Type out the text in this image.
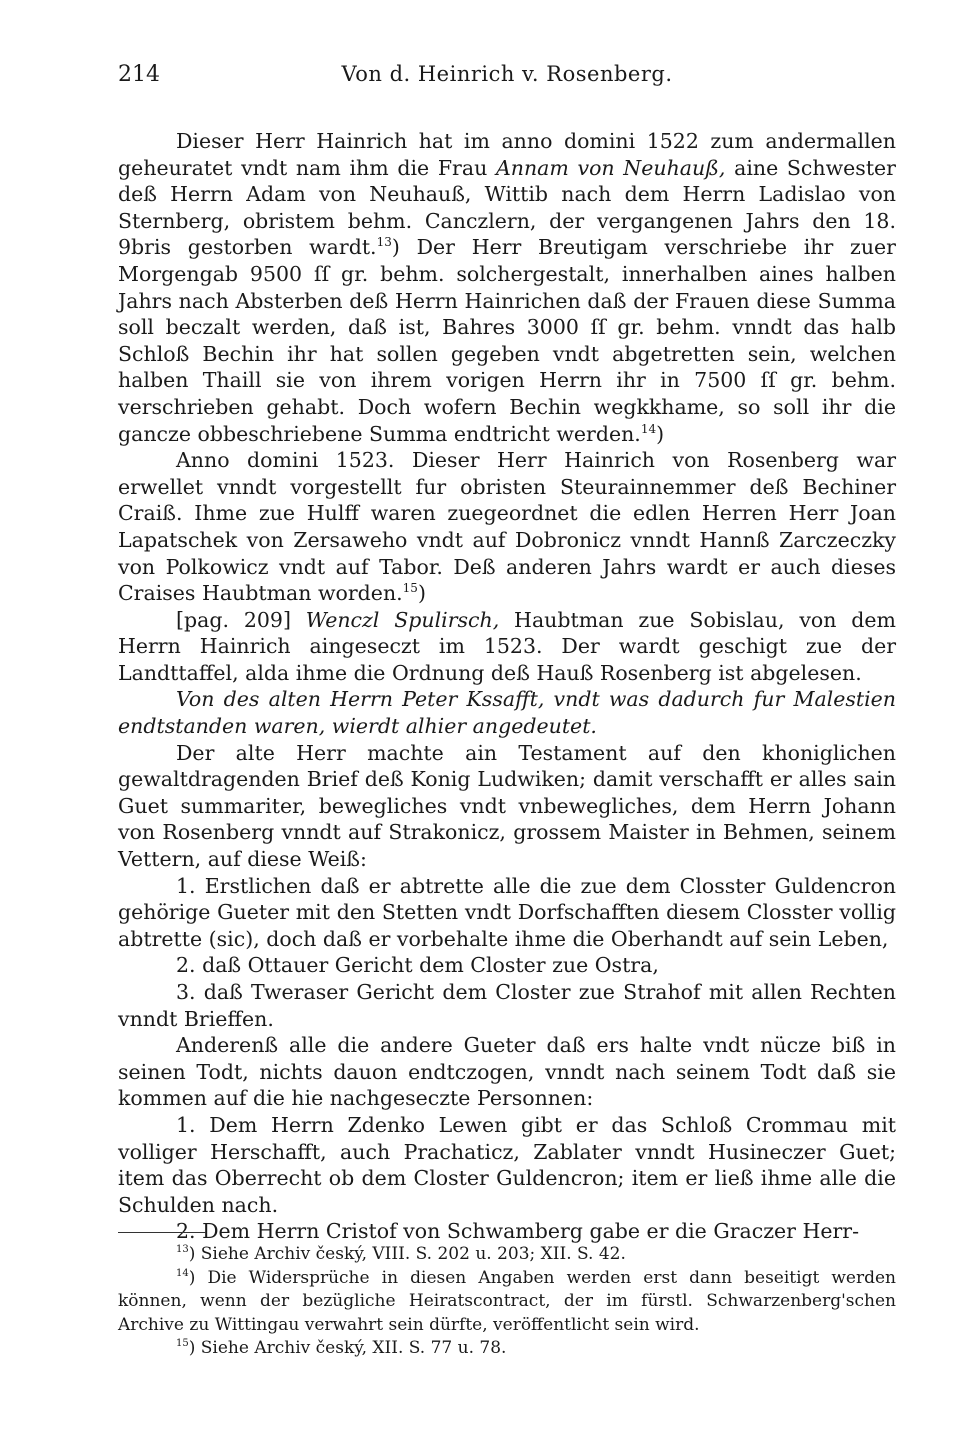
214	Von d. Heinrich v. Rosenberg.

Dieser Herr Hainrich hat im anno domini 1522 zum andermallen geheuratet vndt nam ihm die Frau Annam von Neuhauß, aine Schwester deß Herrn Adam von Neuhauß, Wittib nach dem Herrn Ladislao von Sternberg, obristem behm. Canczlern, der vergangenen Jahrs den 18. 9bris gestorben wardt.$^{13}$) Der Herr Breutigam verschriebe ihr zuer Morgengab 9500 ſſ gr. behm. solchergestalt, innerhalben aines halben Jahrs nach Absterben deß Herrn Hainrichen daß der Frauen diese Summa soll beczalt werden, daß ist, Bahres 3000 ſſ gr. behm. vnndt das halb Schloß Bechin ihr hat sollen gegeben vndt abgetretten sein, welchen halben Thaill sie von ihrem vorigen Herrn ihr in 7500 ſſ gr. behm. verschrieben gehabt. Doch wofern Bechin wegkkhame, so soll ihr die gancze obbeschriebene Summa endtricht werden.$^{14}$)

Anno domini 1523. Dieser Herr Hainrich von Rosenberg war erwellet vnndt vorgestellt fur obristen Steurainnemmer deß Bechiner Craiß. Ihme zue Hulff waren zuegeordnet die edlen Herren Herr Joan Lapatschek von Zersaweho vndt auf Dobronicz vnndt Hannß Zarczeczky von Polkowicz vndt auf Tabor. Deß anderen Jahrs wardt er auch dieses Craises Haubtman worden.$^{15}$)

[pag. 209] Wenczl Spulirsch, Haubtman zue Sobislau, von dem Herrn Hainrich aingeseczt im 1523. Der wardt geschigt zue der Landttaffel, alda ihme die Ordnung deß Hauß Rosenberg ist abgelesen.

Von des alten Herrn Peter Kssafft, vndt was dadurch fur Malestien endtstanden waren, wierdt alhier angedeutet.

Der alte Herr machte ain Testament auf den khoniglichen gewaltdragenden Brief deß Konig Ludwiken; damit verschafft er alles sain Guet summariter, bewegliches vndt vnbewegliches, dem Herrn Johann von Rosenberg vnndt auf Strakonicz, grossem Maister in Behmen, seinem Vettern, auf diese Weiß:

1. Erstlichen daß er abtrette alle die zue dem Closster Guldencron gehörige Gueter mit den Stetten vndt Dorfschafften diesem Closster vollig abtrette (sic), doch daß er vorbehalte ihme die Oberhandt auf sein Leben,

2. daß Ottauer Gericht dem Closter zue Ostra,

3. daß Tweraser Gericht dem Closter zue Strahof mit allen Rechten vnndt Brieffen.

Anderenß alle die andere Gueter daß ers halte vndt nücze biß in seinen Todt, nichts dauon endtczogen, vnndt nach seinem Todt daß sie kommen auf die hie nachgeseczte Personnen:

1. Dem Herrn Zdenko Lewen gibt er das Schloß Crommau mit volliger Herschafft, auch Prachaticz, Zablater vnndt Husineczer Guet; item das Oberrecht ob dem Closter Guldencron; item er ließ ihme alle die Schulden nach.

2. Dem Herrn Cristof von Schwamberg gabe er die Graczer Herr-

$^{13}$) Siehe Archiv český, VIII. S. 202 u. 203; XII. S. 42.

$^{14}$) Die Widersprüche in diesen Angaben werden erst dann beseitigt werden können, wenn der bezügliche Heiratscontract, der im fürstl. Schwarzenberg'schen Archive zu Wittingau verwahrt sein dürfte, veröffentlicht sein wird.

$^{15}$) Siehe Archiv český, XII. S. 77 u. 78.
